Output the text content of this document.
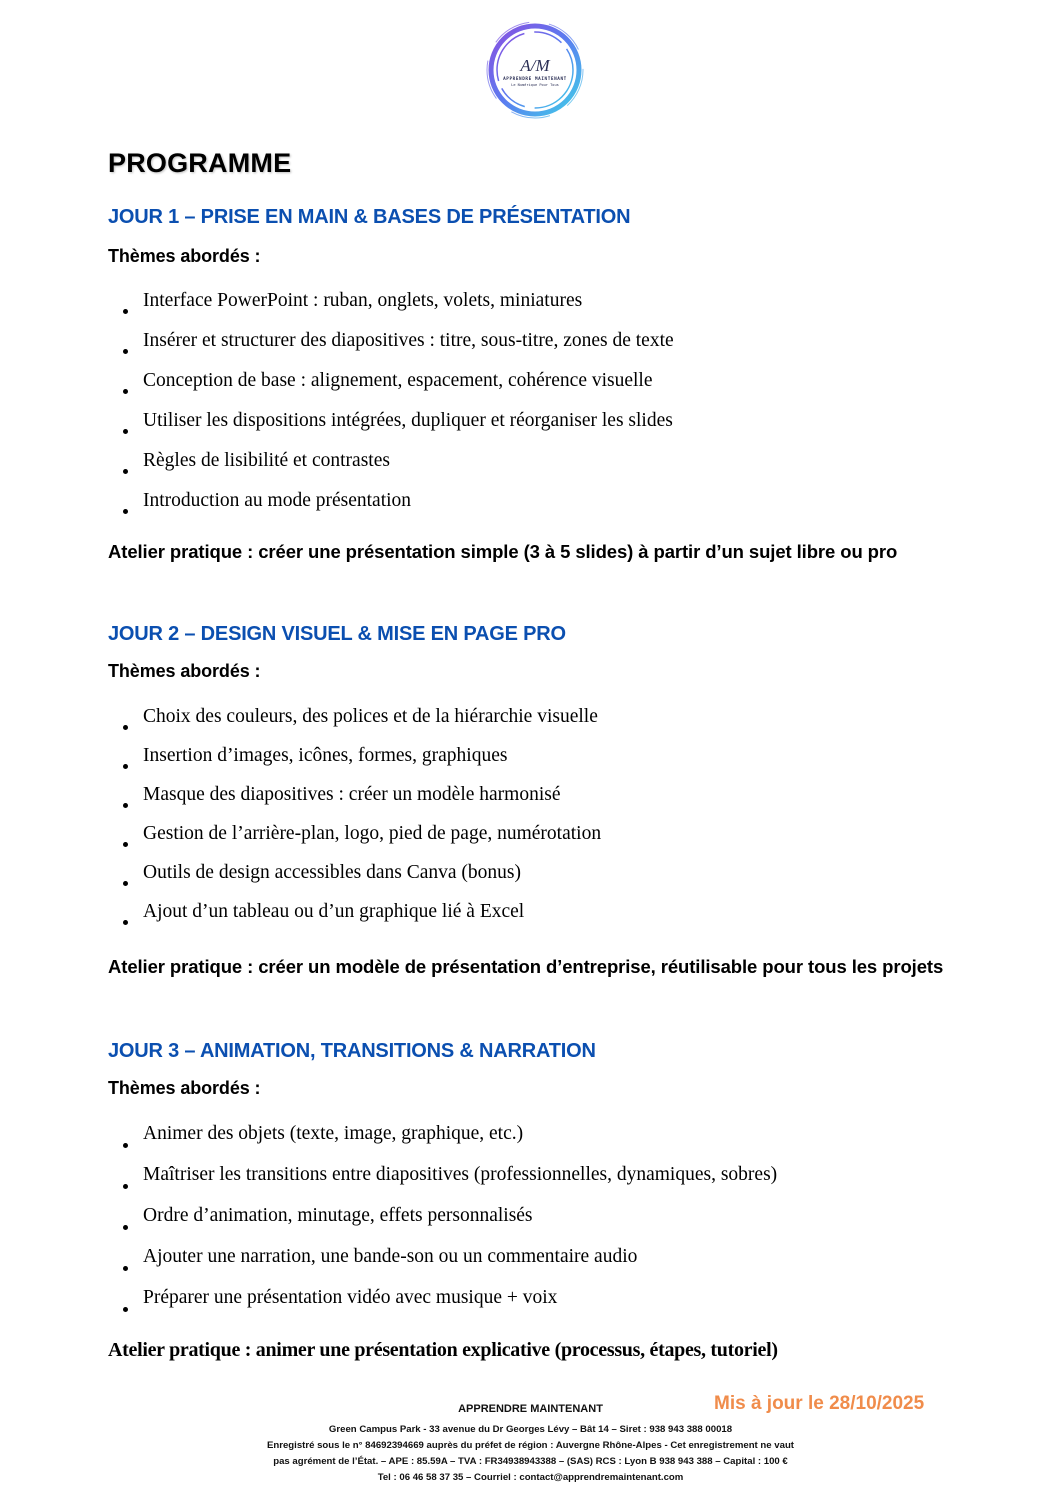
A/M
APPRENDRE MAINTENANT
Le Numérique Pour Tous
PROGRAMME
JOUR 1 – PRISE EN MAIN & BASES DE PRÉSENTATION
Thèmes abordés :
Interface PowerPoint : ruban, onglets, volets, miniatures
Insérer et structurer des diapositives : titre, sous-titre, zones de texte
Conception de base : alignement, espacement, cohérence visuelle
Utiliser les dispositions intégrées, dupliquer et réorganiser les slides
Règles de lisibilité et contrastes
Introduction au mode présentation
Atelier pratique : créer une présentation simple (3 à 5 slides) à partir d’un sujet libre ou pro
JOUR 2 – DESIGN VISUEL & MISE EN PAGE PRO
Thèmes abordés :
Choix des couleurs, des polices et de la hiérarchie visuelle
Insertion d’images, icônes, formes, graphiques
Masque des diapositives : créer un modèle harmonisé
Gestion de l’arrière-plan, logo, pied de page, numérotation
Outils de design accessibles dans Canva (bonus)
Ajout d’un tableau ou d’un graphique lié à Excel
Atelier pratique : créer un modèle de présentation d’entreprise, réutilisable pour tous les projets
JOUR 3 – ANIMATION, TRANSITIONS & NARRATION
Thèmes abordés :
Animer des objets (texte, image, graphique, etc.)
Maîtriser les transitions entre diapositives (professionnelles, dynamiques, sobres)
Ordre d’animation, minutage, effets personnalisés
Ajouter une narration, une bande-son ou un commentaire audio
Préparer une présentation vidéo avec musique + voix
Atelier pratique : animer une présentation explicative (processus, étapes, tutoriel)
Mis à jour le 28/10/2025
APPRENDRE MAINTENANT
Green Campus Park - 33 avenue du Dr Georges Lévy – Bât 14 – Siret : 938 943 388 00018
Enregistré sous le n° 84692394669 auprès du préfet de région : Auvergne Rhône-Alpes - Cet enregistrement ne vaut
pas agrément de l’État. – APE : 85.59A – TVA : FR34938943388 – (SAS) RCS : Lyon B 938 943 388 – Capital : 100 €
Tel : 06 46 58 37 35 – Courriel : contact@apprendremaintenant.com
